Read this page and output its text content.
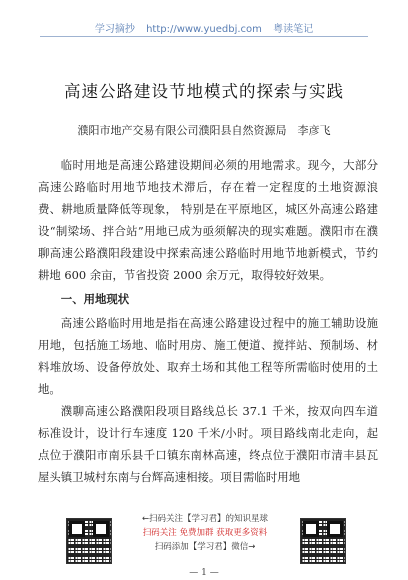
学习摘抄 http://www.yuedbj.com 粤读笔记
高速公路建设节地模式的探索与实践
濮阳市地产交易有限公司濮阳县自然资源局　李彦飞

临时用地是高速公路建设期间必须的用地需求。现今，大部分高速公路临时用地节地技术滞后，存在着一定程度的土地资源浪费、耕地质量降低等现象， 特别是在平原地区，城区外高速公路建设“制梁场、拌合站”用地已成为亟须解决的现实难题。濮阳市在濮聊高速公路濮阳段建设中探索高速公路临时用地节地新模式，节约耕地 600 余亩，节省投资 2000 余万元，取得较好效果。

一、用地现状

高速公路临时用地是指在高速公路建设过程中的施工辅助设施用地，包括施工场地、临时用房、施工便道、搅拌站、预制场、材料堆放场、设备停放处、取弃土场和其他工程等所需临时使用的土地。

濮聊高速公路濮阳段项目路线总长 37.1 千米，按双向四车道标准设计，设计行车速度 120 千米/小时。项目路线南北走向，起点位于濮阳市南乐县千口镇东南林高速，终点位于濮阳市清丰县瓦屋头镇卫城村东南与台辉高速相接。项目需临时用地

←扫码关注【学习君】的知识星球
扫码关注 免费加群 获取更多资料
扫码添加【学习君】微信→
— 1 —
